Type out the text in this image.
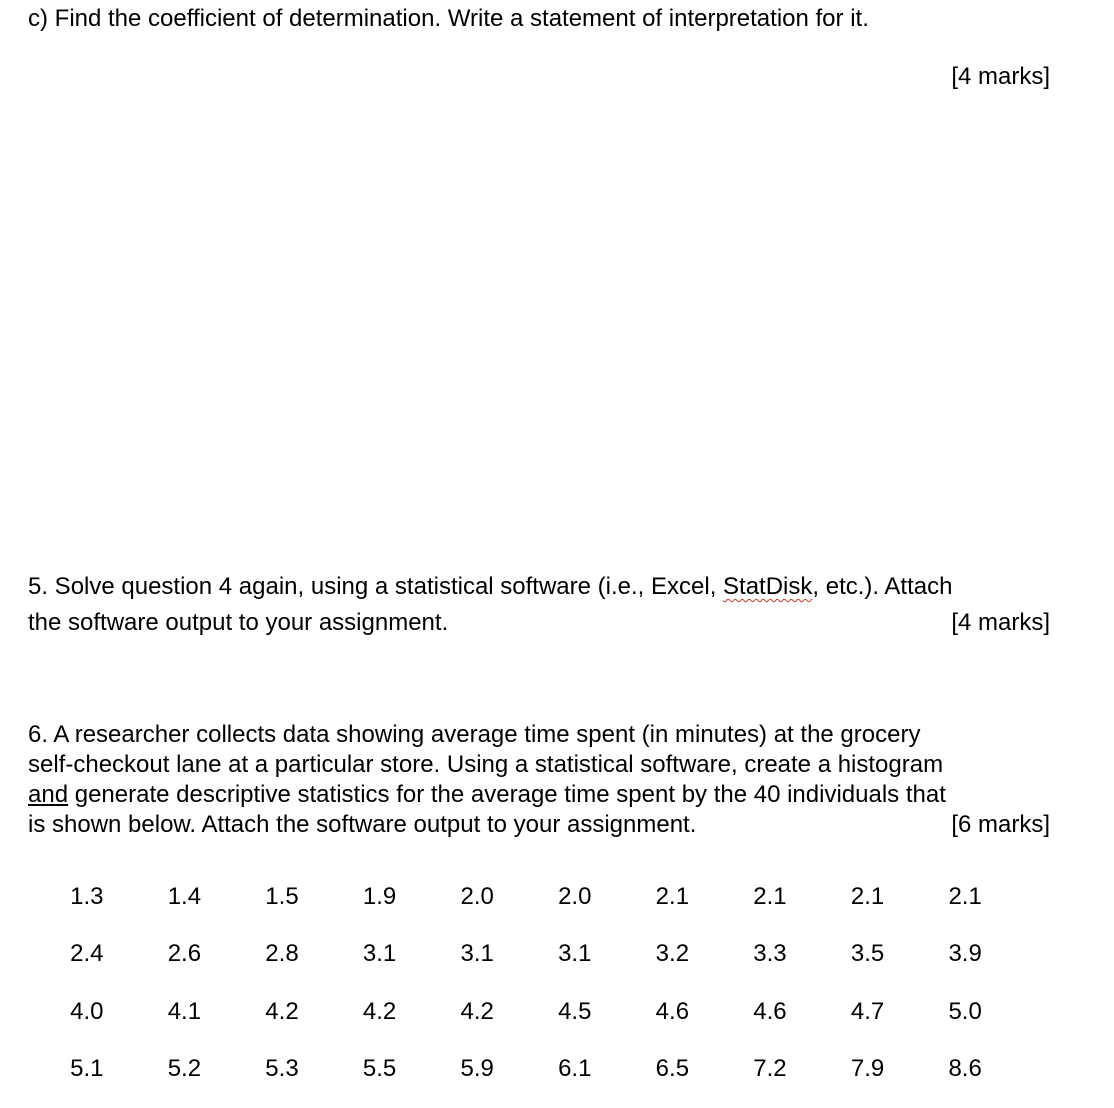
c) Find the coefficient of determination. Write a statement of interpretation for it.
[4 marks]
5. Solve question 4 again, using a statistical software (i.e., Excel, StatDisk, etc.). Attach
the software output to your assignment.	[4 marks]
6. A researcher collects data showing average time spent (in minutes) at the grocery
self-checkout lane at a particular store. Using a statistical software, create a histogram
and generate descriptive statistics for the average time spent by the 40 individuals that
is shown below. Attach the software output to your assignment.	[6 marks]
1.3	1.4	1.5	1.9	2.0	2.0	2.1	2.1	2.1	2.1
2.4	2.6	2.8	3.1	3.1	3.1	3.2	3.3	3.5	3.9
4.0	4.1	4.2	4.2	4.2	4.5	4.6	4.6	4.7	5.0
5.1	5.2	5.3	5.5	5.9	6.1	6.5	7.2	7.9	8.6
